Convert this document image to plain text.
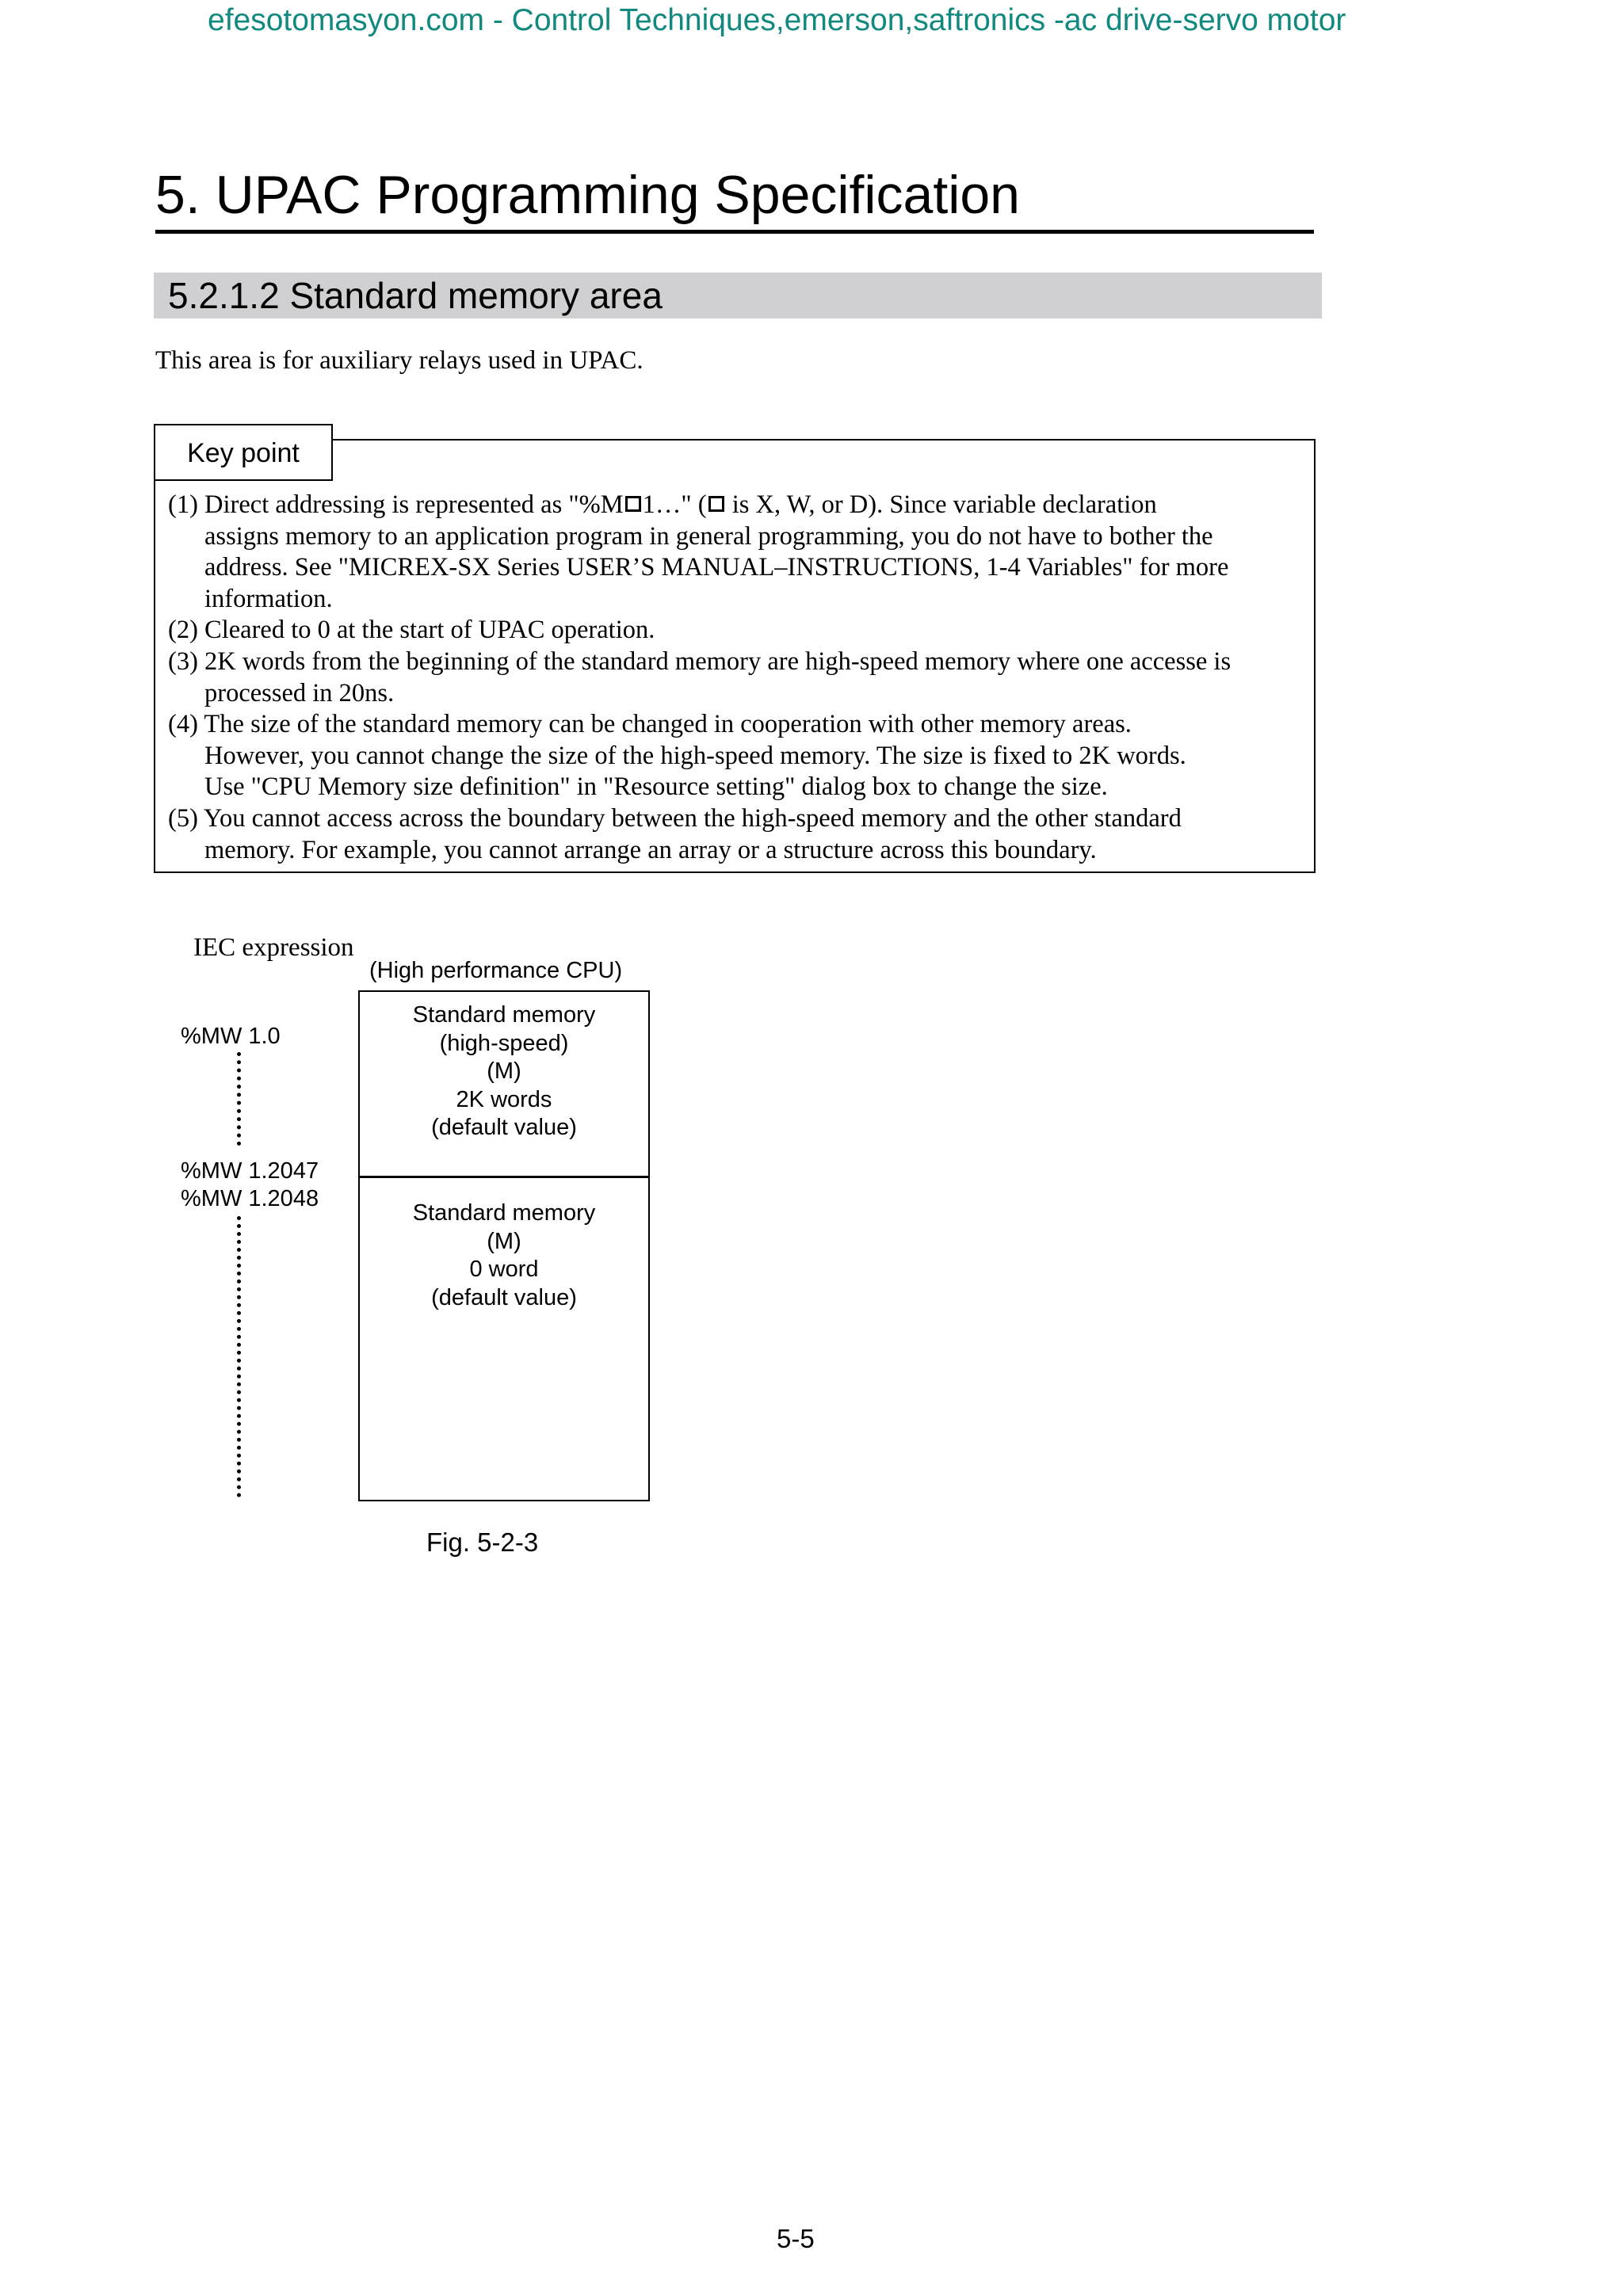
efesotomasyon.com - Control Techniques,emerson,saftronics -ac drive-servo motor
5. UPAC Programming Specification
5.2.1.2 Standard memory area
This area is for auxiliary relays used in UPAC.
Key point
(1) Direct addressing is represented as "%M 1…" ( is X, W, or D). Since variable declaration
assigns memory to an application program in general programming, you do not have to bother the
address. See "MICREX-SX Series USER’S MANUAL–INSTRUCTIONS, 1-4 Variables" for more
information.
(2) Cleared to 0 at the start of UPAC operation.
(3) 2K words from the beginning of the standard memory are high-speed memory where one accesse is
processed in 20ns.
(4) The size of the standard memory can be changed in cooperation with other memory areas.
However, you cannot change the size of the high-speed memory. The size is fixed to 2K words.
Use "CPU Memory size definition" in "Resource setting" dialog box to change the size.
(5) You cannot access across the boundary between the high-speed memory and the other standard
memory. For example, you cannot arrange an array or a structure across this boundary.
IEC expression
(High performance CPU)
%MW 1.0
%MW 1.2047
%MW 1.2048
Standard memory
(high-speed)
(M)
2K words
(default value)
Standard memory
(M)
0 word
(default value)
Fig. 5-2-3
5-5
